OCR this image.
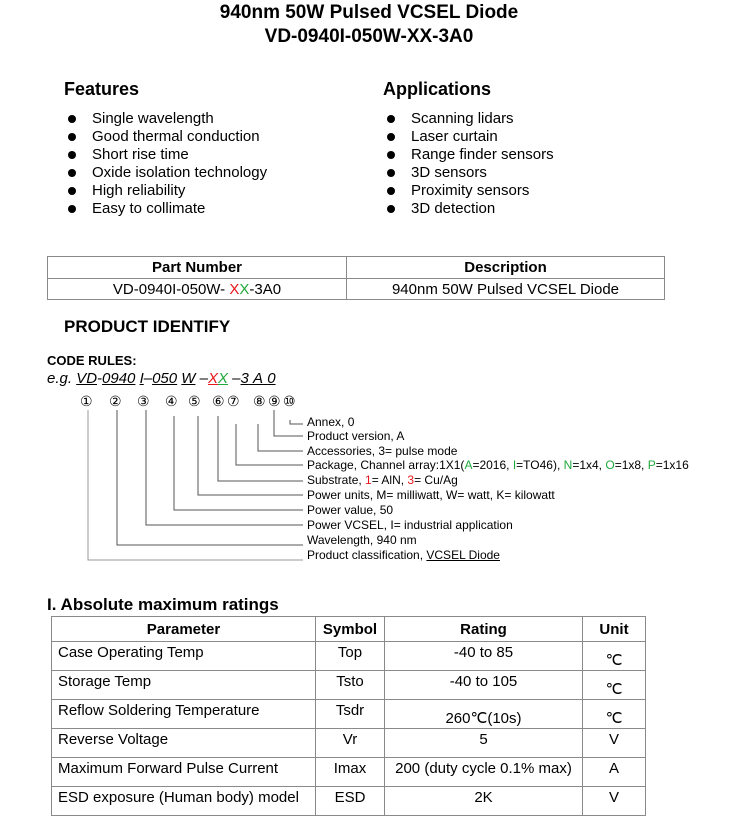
940nm 50W Pulsed VCSEL Diode
VD-0940I-050W-XX-3A0
Features
Single wavelength
Good thermal conduction
Short rise time
Oxide isolation technology
High reliability
Easy to collimate
Applications
Scanning lidars
Laser curtain
Range finder sensors
3D sensors
Proximity sensors
3D detection
Part Number	Description
VD-0940I-050W- XX-3A0	940nm 50W Pulsed VCSEL Diode
PRODUCT IDENTIFY
CODE RULES:
e.g. VD-0940 I–050 W –XX –3 A 0
① ② ③ ④ ⑤ ⑥ ⑦ ⑧ ⑨ ⑩
Annex, 0
Product version, A
Accessories, 3= pulse mode
Package, Channel array:1X1(A=2016, I=TO46), N=1x4, O=1x8, P=1x16
Substrate, 1= AlN, 3= Cu/Ag
Power units, M= milliwatt, W= watt, K= kilowatt
Power value, 50
Power VCSEL, I= industrial application
Wavelength, 940 nm
Product classification, VCSEL Diode
I. Absolute maximum ratings
Parameter	Symbol	Rating	Unit
Case Operating Temp	Top	-40 to 85	℃
Storage Temp	Tsto	-40 to 105	℃
Reflow Soldering Temperature	Tsdr	260℃(10s)	℃
Reverse Voltage	Vr	5	V
Maximum Forward Pulse Current	Imax	200 (duty cycle 0.1% max)	A
ESD exposure (Human body) model	ESD	2K	V
